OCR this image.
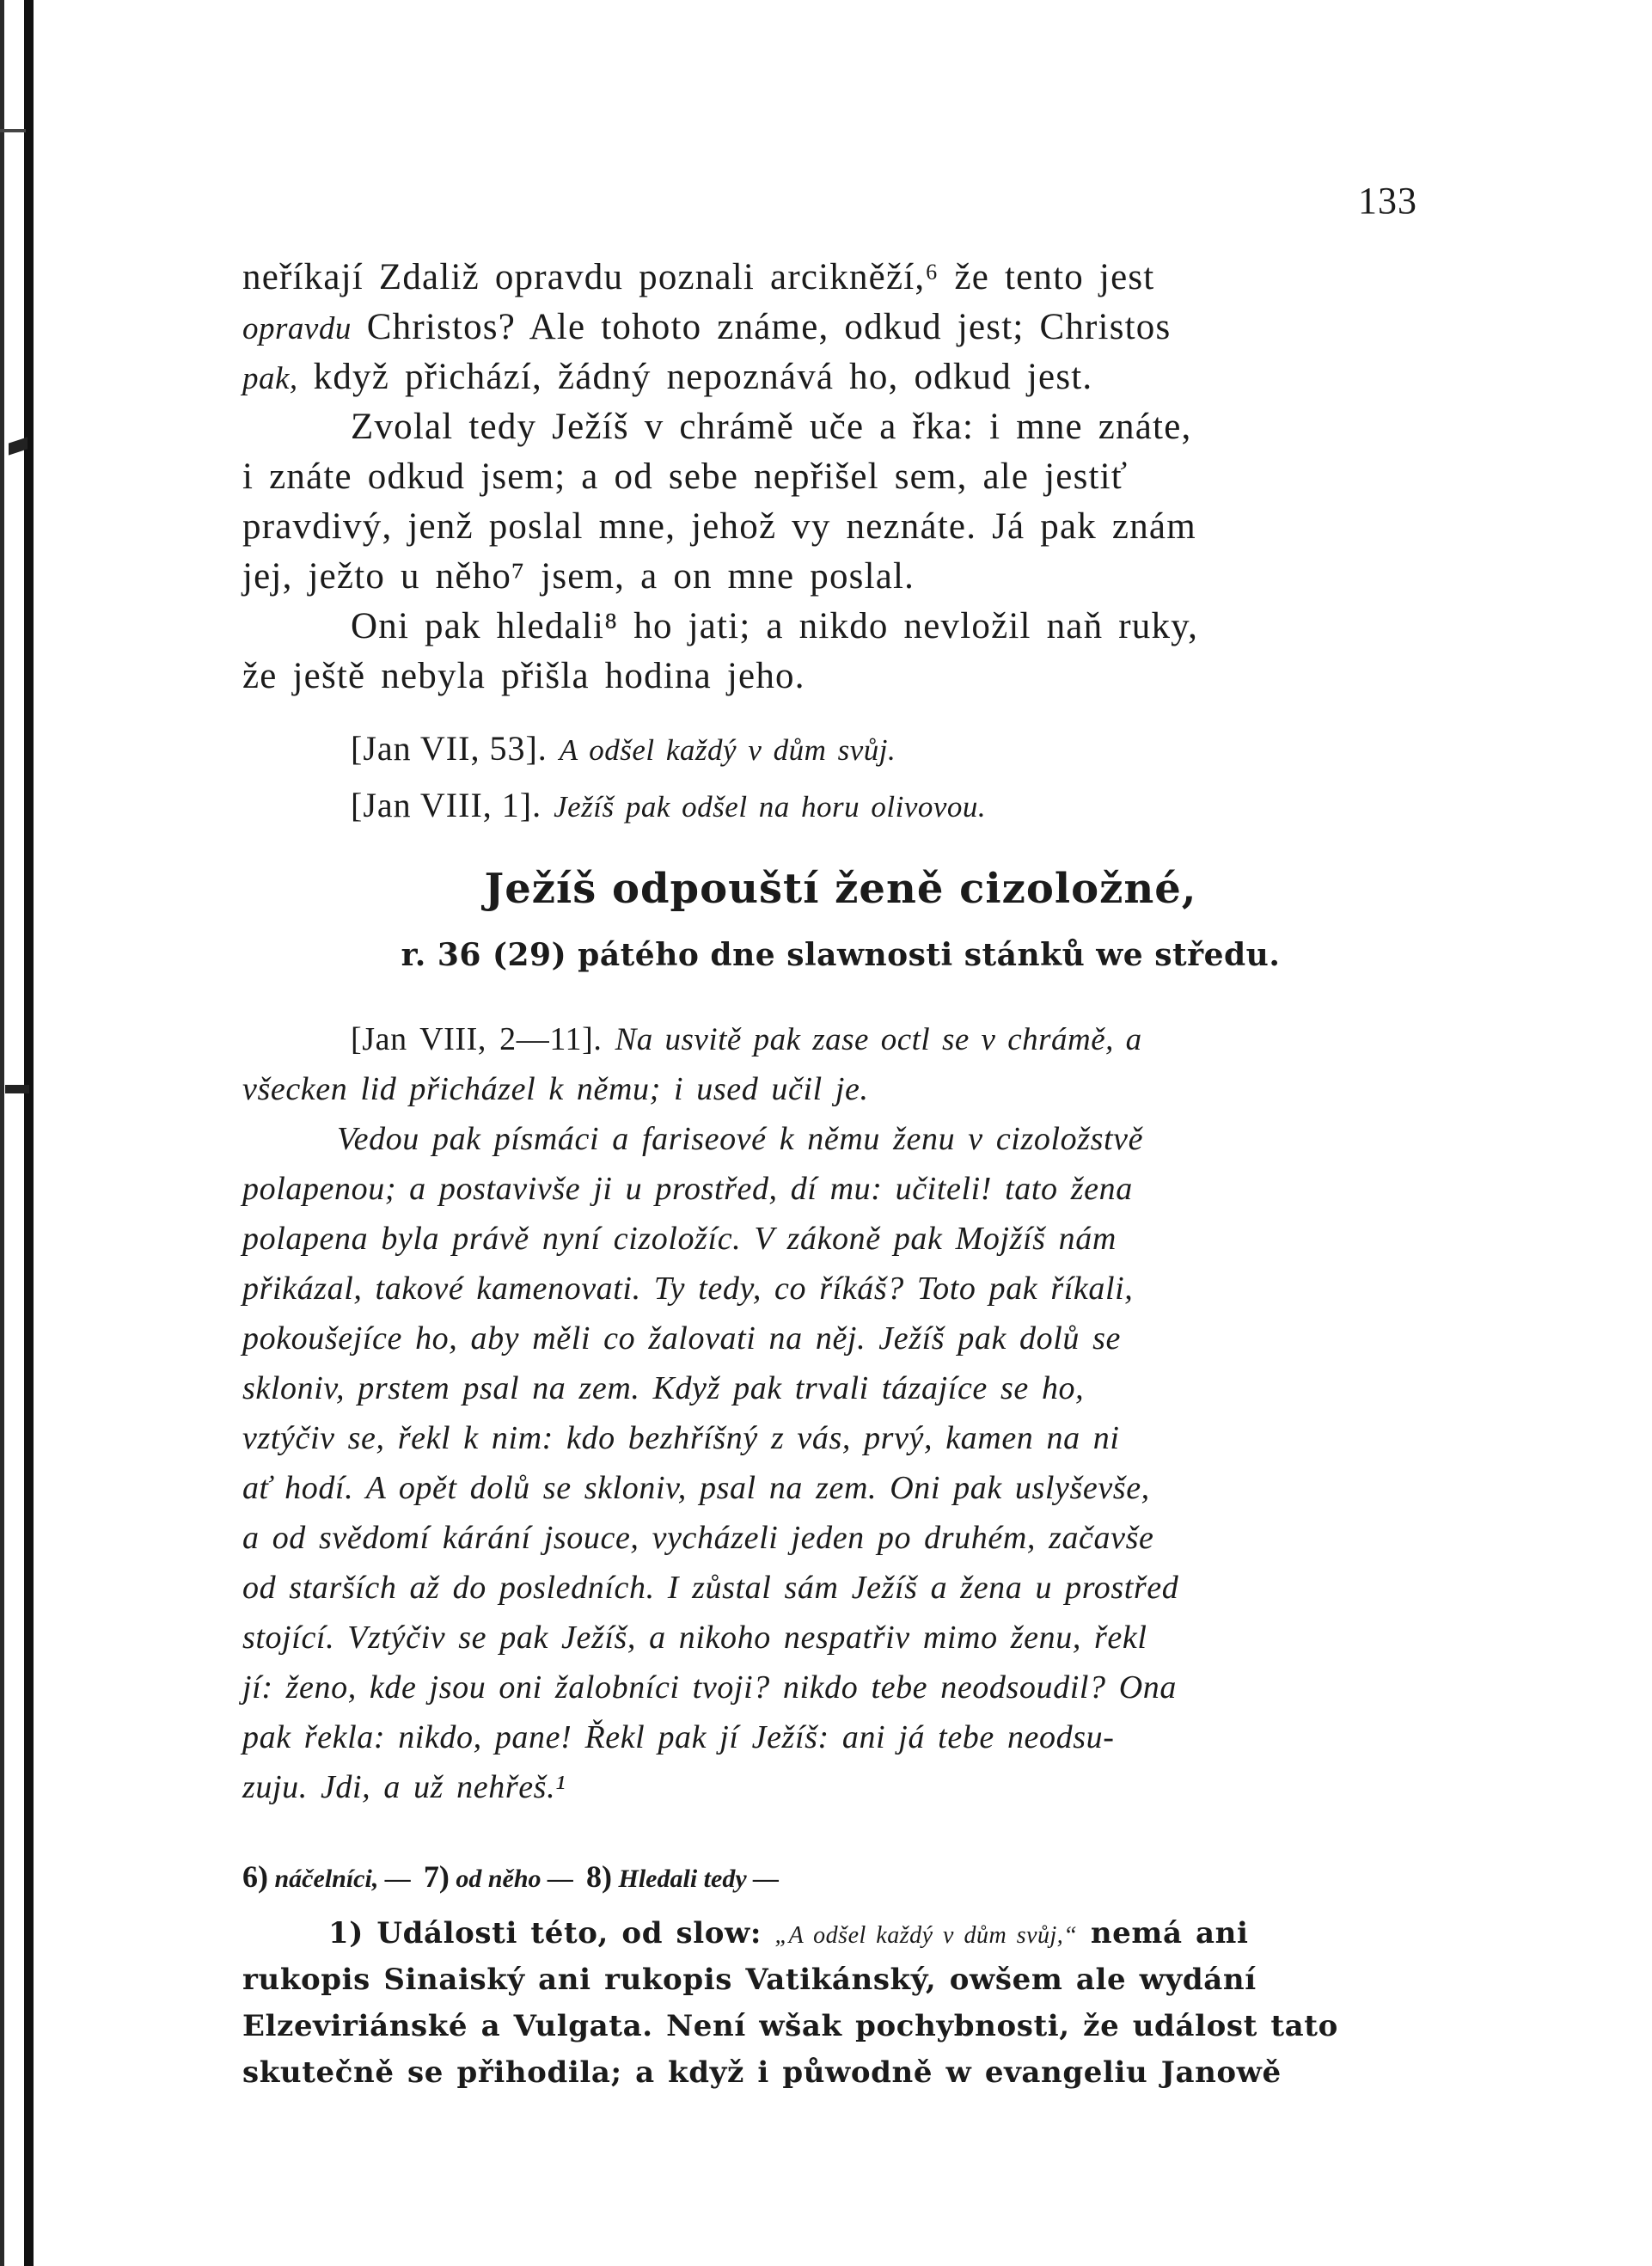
133
neříkají Zdaliž opravdu poznali arcikněží,⁶ že tento jest
opravdu Christos? Ale tohoto známe, odkud jest; Christos
pak, když přichází, žádný nepoznává ho, odkud jest.
Zvolal tedy Ježíš v chrámě uče a řka: i mne znáte,
i znáte odkud jsem; a od sebe nepřišel sem, ale jestiť
pravdivý, jenž poslal mne, jehož vy neznáte. Já pak znám
jej, ježto u něho⁷ jsem, a on mne poslal.
Oni pak hledali⁸ ho jati; a nikdo nevložil naň ruky,
že ještě nebyla přišla hodina jeho.
[Jan VII, 53]. A odšel každý v dům svůj.
[Jan VIII, 1]. Ježíš pak odšel na horu olivovou.
Ježíš odpouští ženě cizoložné,
r. 36 (29) pátého dne slawnosti stánků we středu.
[Jan VIII, 2—11]. Na usvitě pak zase octl se v chrámě, a
všecken lid přicházel k němu; i used učil je.
Vedou pak písmáci a fariseové k němu ženu v cizoložstvě
polapenou; a postavivše ji u prostřed, dí mu: učiteli! tato žena
polapena byla právě nyní cizoložíc. V zákoně pak Mojžíš nám
přikázal, takové kamenovati. Ty tedy, co říkáš? Toto pak říkali,
pokoušejíce ho, aby měli co žalovati na něj. Ježíš pak dolů se
skloniv, prstem psal na zem. Když pak trvali tázajíce se ho,
vztýčiv se, řekl k nim: kdo bezhříšný z vás, prvý, kamen na ni
ať hodí. A opět dolů se skloniv, psal na zem. Oni pak uslyševše,
a od svědomí kárání jsouce, vycházeli jeden po druhém, začavše
od starších až do posledních. I zůstal sám Ježíš a žena u prostřed
stojící. Vztýčiv se pak Ježíš, a nikoho nespatřiv mimo ženu, řekl
jí: ženo, kde jsou oni žalobníci tvoji? nikdo tebe neodsoudil? Ona
pak řekla: nikdo, pane! Řekl pak jí Ježíš: ani já tebe neodsu-
zuju. Jdi, a už nehřeš.¹
6) náčelníci, — 7) od něho — 8) Hledali tedy —
1) Události této, od slow: „A odšel každý v dům svůj,“ nemá ani
rukopis Sinaiský ani rukopis Vatikánský, owšem ale wydání
Elzeviriánské a Vulgata. Není wšak pochybnosti, že událost tato
skutečně se přihodila; a když i půwodně w evangeliu Janowě
